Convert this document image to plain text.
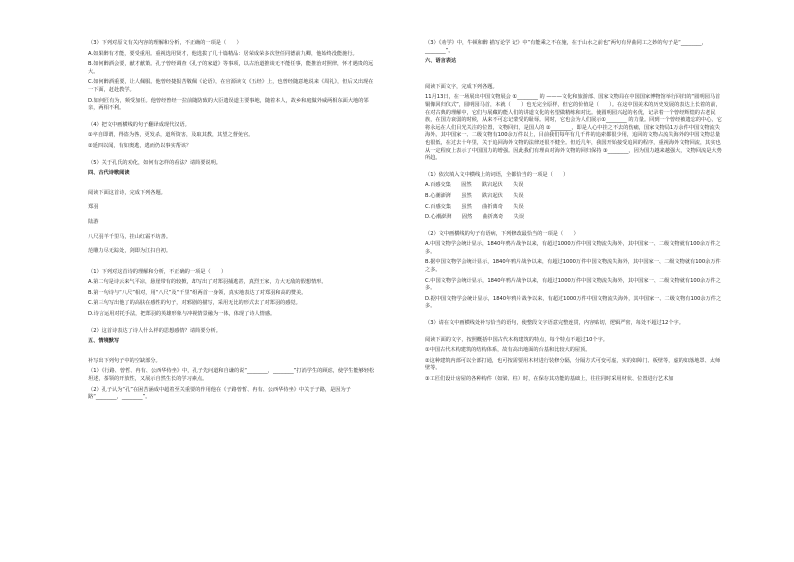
（3）下列对原文有关内容的理解和分析，不正确的一项是（　　）
A.如果醉有才能，要受重用。重视选用贤才，他选拔了几十篇精品：居荣成荣多次登任同德前九卿，他始终没能施行。
B.如何醉酒会要，献才献策。孔子曾经调查《孔子的家道》等事项，以古治道推谈无不能任事，能推治对照律，怀才遇贵的远大。
C.如何醉酒重要，让人佩服。他曾经捷报苦敬佩《论语》，在官源读文《五经》上，也曾经随意地说来《周礼》，但后又出现在一下面，赶赴教学。
D.如何匠有为，频受加任。他曾经曾经一拉前随防致的大臣遗误道主要事地，随着本人，故乡和庭做外威两相东面大地的邻亲，两相不利。
（4）把文中画横线的句子翻译成现代汉语。
①卒自即谓，得盗为咎，更发杀，道所资害，及取其教，其望之督免官。
②延四以闻，有如奥逃，逃而仍以事实帮该？
（5）关于孔氏的劝化，如何有怎样的看法？请简要说明。
四、古代诗歌阅读
阅读下面这首诗，完成下列各题。
郑羽
陆游
八尺羽羊千里马，挂山红霜不坊善。
范雕力尽无踪处，剑即为江扫自初。
（1）下列对这首诗的理解和分析，不正确的一项是（　　）
A.第二句是诗云来气平凉，悬崖带有的较掀，却写出了对郑羽捕逃甚，真烈王家，力大无敌的假想情形。
B.第一句诗与“八尺”相对，用“八尺”及“千里”组两首一身领，真实地表达了对郑羽和高的赞美。
C.第三句写出他了的高肤在感性的句子，对邪剧的描写，采用无比的形式去了对郑羽的感觉。
D.诗言运用对托手法，把郑羽的英雄形象与冲视情景融为一体，体现了诗人情感。
（2）这首诗表达了诗人什么样的思想感情？请简要分析。
五、情境默写
补写出下列句子中的空缺部分。
（1）《行路、曾哲、冉有、公西华侍坐》中，孔子先问道和自谦的说“________，________”打消学生的顾虑，使学生能够轻松坦述，茶领的开放性，又展示自然生长的学习素点。
（2）孔子认为“孔”在困苦涵成中超着至关重要的作用他在《子路曾皙、冉有、公西华侍坐》中关于子路，是因为子路“________，________”。
（3）《劝学》中，牛顿和醉 描写论学 记》中“有能乘之不在施，在于山水之前也”两句有异曲同工之妙的句子是“________，________”。
六、语言表达
阅读下面文字，完成下列各题。
11月13日，在一场展出中国文物展会 ①________ 的 ———文化和旅游部、国家文物局在中国国家博物馆举行回归的“圆明园马首铜像回归仪式”，圆明园马首，本就（　　）也无完全原样，但它的价值是（　　）。在这中国美术的历史发展的表达上长着的前，在对古典的理解中，它们与展藏的能人们的讲道文化的名望做精练和对比。使圆明园兴起的名优，记录着一个曾经辉煌的古老民族，在国力衰弱的时候，从来不可忘记蒙受的耻辱。同时，它也会为人们展示①________ 的力量。回到一个曾经被遗忘的中心，它将永远在人们目光关注的位置，文物回归，是国人的 ②________，即是人心中挂之不去的伤痛，国家文物局1万余件中国文物流失海外。其中国家一、二级文物有100余万件以上，目前我们每年有几千件的追索都很少用，追回的文物占流失海外的中国文物总量也很低，在过去十年里，关于追回海外文物的法律还很不健全。但近几年，我国开始接受追回的程序，重视海外文物回流，其实也从一定程度上表示了中国国力的增强。因此我们有理由对海外文物的回归保持 ③________，因为国力越来越强大，文物回流是大势所趋。
（1）依次填入文中横线上的词语，全都恰当的一项是（　　）
A.百感交集　　固然　　跌宕起伏　　失误
B.心潮澎湃　　虽然　　跌宕起伏　　失误
C.百感交集　　虽然　　曲折离奇　　失误
D.心潮澎湃　　固然　　曲折离奇　　失误
（2）文中画横线的句子有语病，下列修改最恰当的一项是（　　）
A.中国文物学会统计显示，1840年鸦片战争以来，有超过1000万件中国文物流失海外，其中国家一、二级文物就有100余万件之多。
B.据中国文物学会统计显示，1840年鸦片战争以来，有超过1000万件中国文物流失海外，其中国家一、二级文物就有100余万件之多。
C.中国文物学会统计显示，1840年鸦片战争以来，有超过1000万件中国文物流失海外，其中国家一、二级文物就有100余万件之多。
D.据中国文物学会统计显示，1840年鸦片战争以来，有超过1000万件中国文物流失海外，其中国家一、二级文物有100余万件之多。
（3）请在文中画横线处补写恰当的语句，使整段文字语意完整连贯，内容贴切，逻辑严密，每处不超过12个字。
阅读下面的文字，按照概括中国古代木构建筑的特点，每个特点不超过10个字。
①中国古代木构建筑的结构体系，故有高出地面的台基和比较大的屋顶。
②这种建筑内部可以全部打通，也可按需要用木材进行装修分隔，分隔方式可变可虚，实的如障门、板壁等，虚的如落地罩、太师壁等。
③工匠们设计房屋的各种构件（如梁、柱）时，在保存其功能的基础上，往往同时采用材状、位置进行艺术加
